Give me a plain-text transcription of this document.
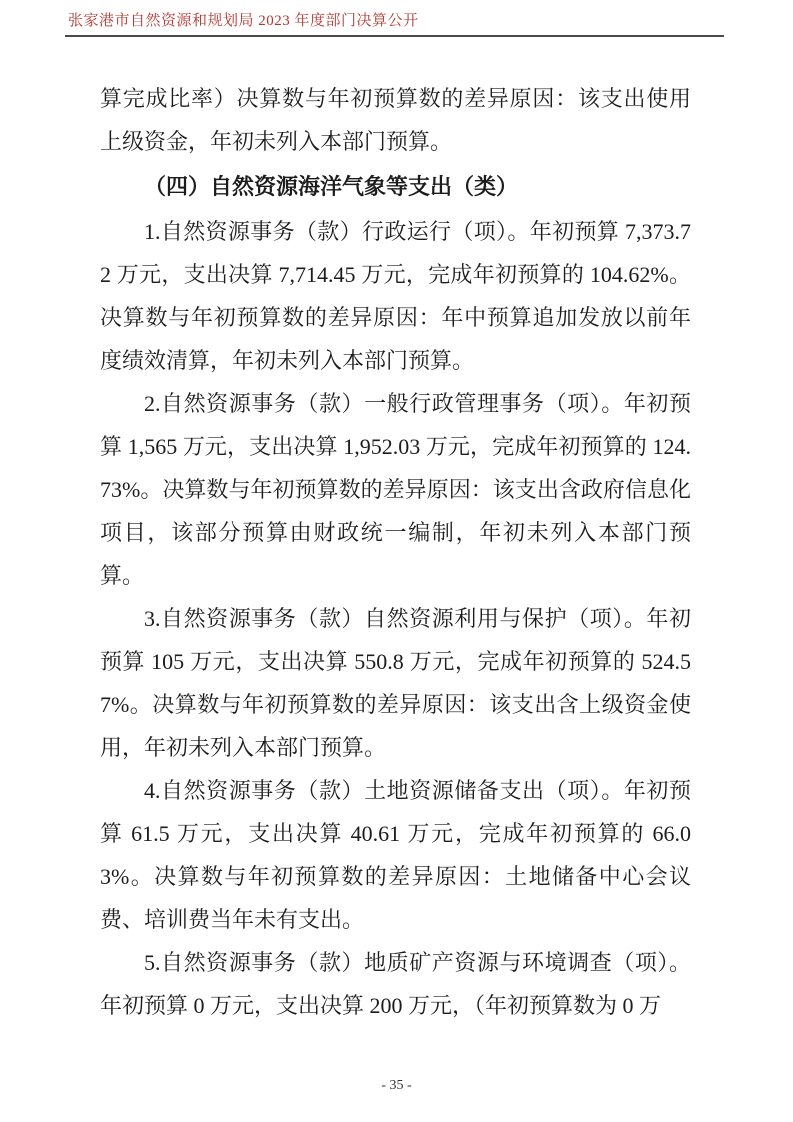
张家港市自然资源和规划局 2023 年度部门决算公开

算完成比率）决算数与年初预算数的差异原因：该支出使用上级资金，年初未列入本部门预算。

（四）自然资源海洋气象等支出（类）

1.自然资源事务（款）行政运行（项）。年初预算 7,373.72 万元，支出决算 7,714.45 万元，完成年初预算的 104.62%。决算数与年初预算数的差异原因：年中预算追加发放以前年度绩效清算，年初未列入本部门预算。

2.自然资源事务（款）一般行政管理事务（项）。年初预算 1,565 万元，支出决算 1,952.03 万元，完成年初预算的 124.73%。决算数与年初预算数的差异原因：该支出含政府信息化项目，该部分预算由财政统一编制，年初未列入本部门预算。

3.自然资源事务（款）自然资源利用与保护（项）。年初预算 105 万元，支出决算 550.8 万元，完成年初预算的 524.57%。决算数与年初预算数的差异原因：该支出含上级资金使用，年初未列入本部门预算。

4.自然资源事务（款）土地资源储备支出（项）。年初预算 61.5 万元，支出决算 40.61 万元，完成年初预算的 66.03%。决算数与年初预算数的差异原因：土地储备中心会议费、培训费当年未有支出。

5.自然资源事务（款）地质矿产资源与环境调查（项）。年初预算 0 万元，支出决算 200 万元，（年初预算数为 0 万

- 35 -
